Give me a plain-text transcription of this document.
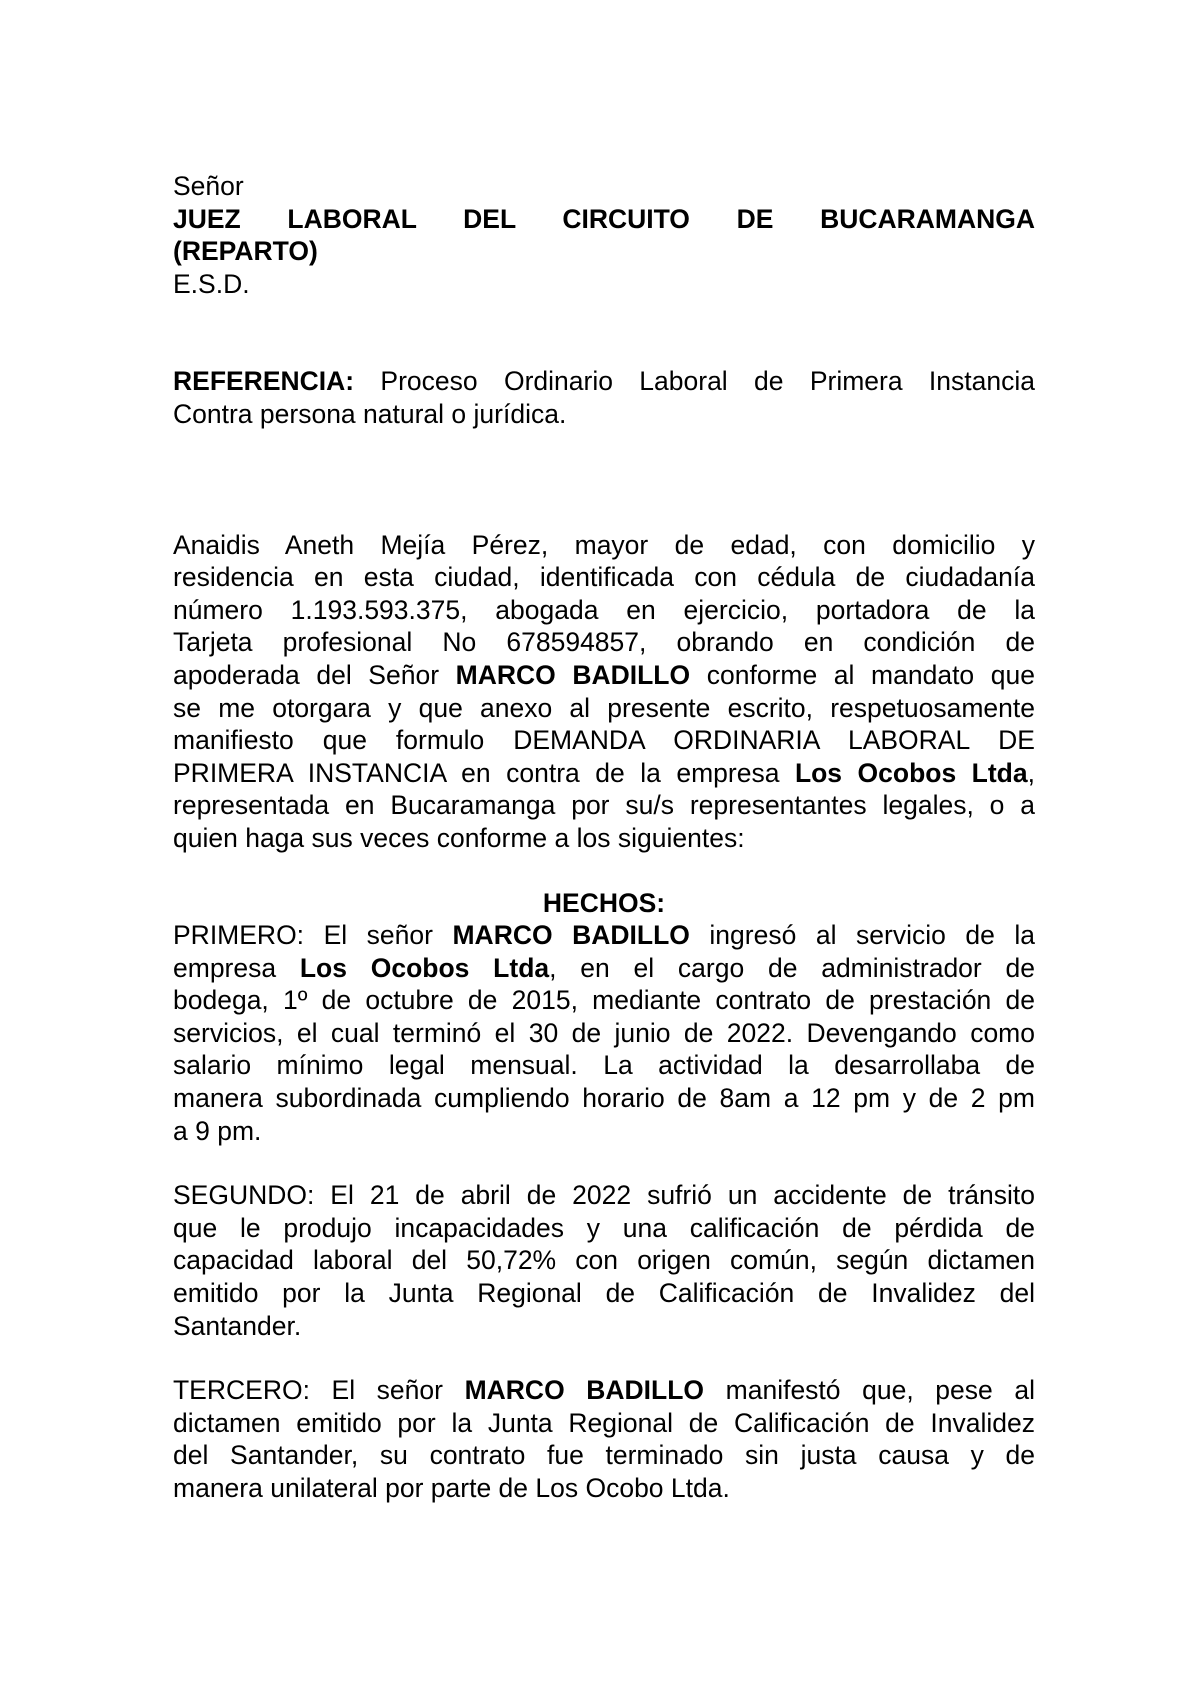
Señor
JUEZ LABORAL DEL CIRCUITO DE BUCARAMANGA
(REPARTO)
E.S.D.
REFERENCIA: Proceso Ordinario Laboral de Primera Instancia
Contra persona natural o jurídica.
Anaidis Aneth Mejía Pérez, mayor de edad, con domicilio y
residencia en esta ciudad, identificada con cédula de ciudadanía
número 1.193.593.375, abogada en ejercicio, portadora de la
Tarjeta profesional No 678594857, obrando en condición de
apoderada del Señor MARCO BADILLO conforme al mandato que
se me otorgara y que anexo al presente escrito, respetuosamente
manifiesto que formulo DEMANDA ORDINARIA LABORAL DE
PRIMERA INSTANCIA en contra de la empresa Los Ocobos Ltda,
representada en Bucaramanga por su/s representantes legales, o a
quien haga sus veces conforme a los siguientes:
HECHOS:
PRIMERO: El señor MARCO BADILLO ingresó al servicio de la
empresa Los Ocobos Ltda, en el cargo de administrador de
bodega, 1º de octubre de 2015, mediante contrato de prestación de
servicios, el cual terminó el 30 de junio de 2022. Devengando como
salario mínimo legal mensual. La actividad la desarrollaba de
manera subordinada cumpliendo horario de 8am a 12 pm y de 2 pm
a 9 pm.
SEGUNDO: El 21 de abril de 2022 sufrió un accidente de tránsito
que le produjo incapacidades y una calificación de pérdida de
capacidad laboral del 50,72% con origen común, según dictamen
emitido por la Junta Regional de Calificación de Invalidez del
Santander.
TERCERO: El señor MARCO BADILLO manifestó que, pese al
dictamen emitido por la Junta Regional de Calificación de Invalidez
del Santander, su contrato fue terminado sin justa causa y de
manera unilateral por parte de Los Ocobo Ltda.
